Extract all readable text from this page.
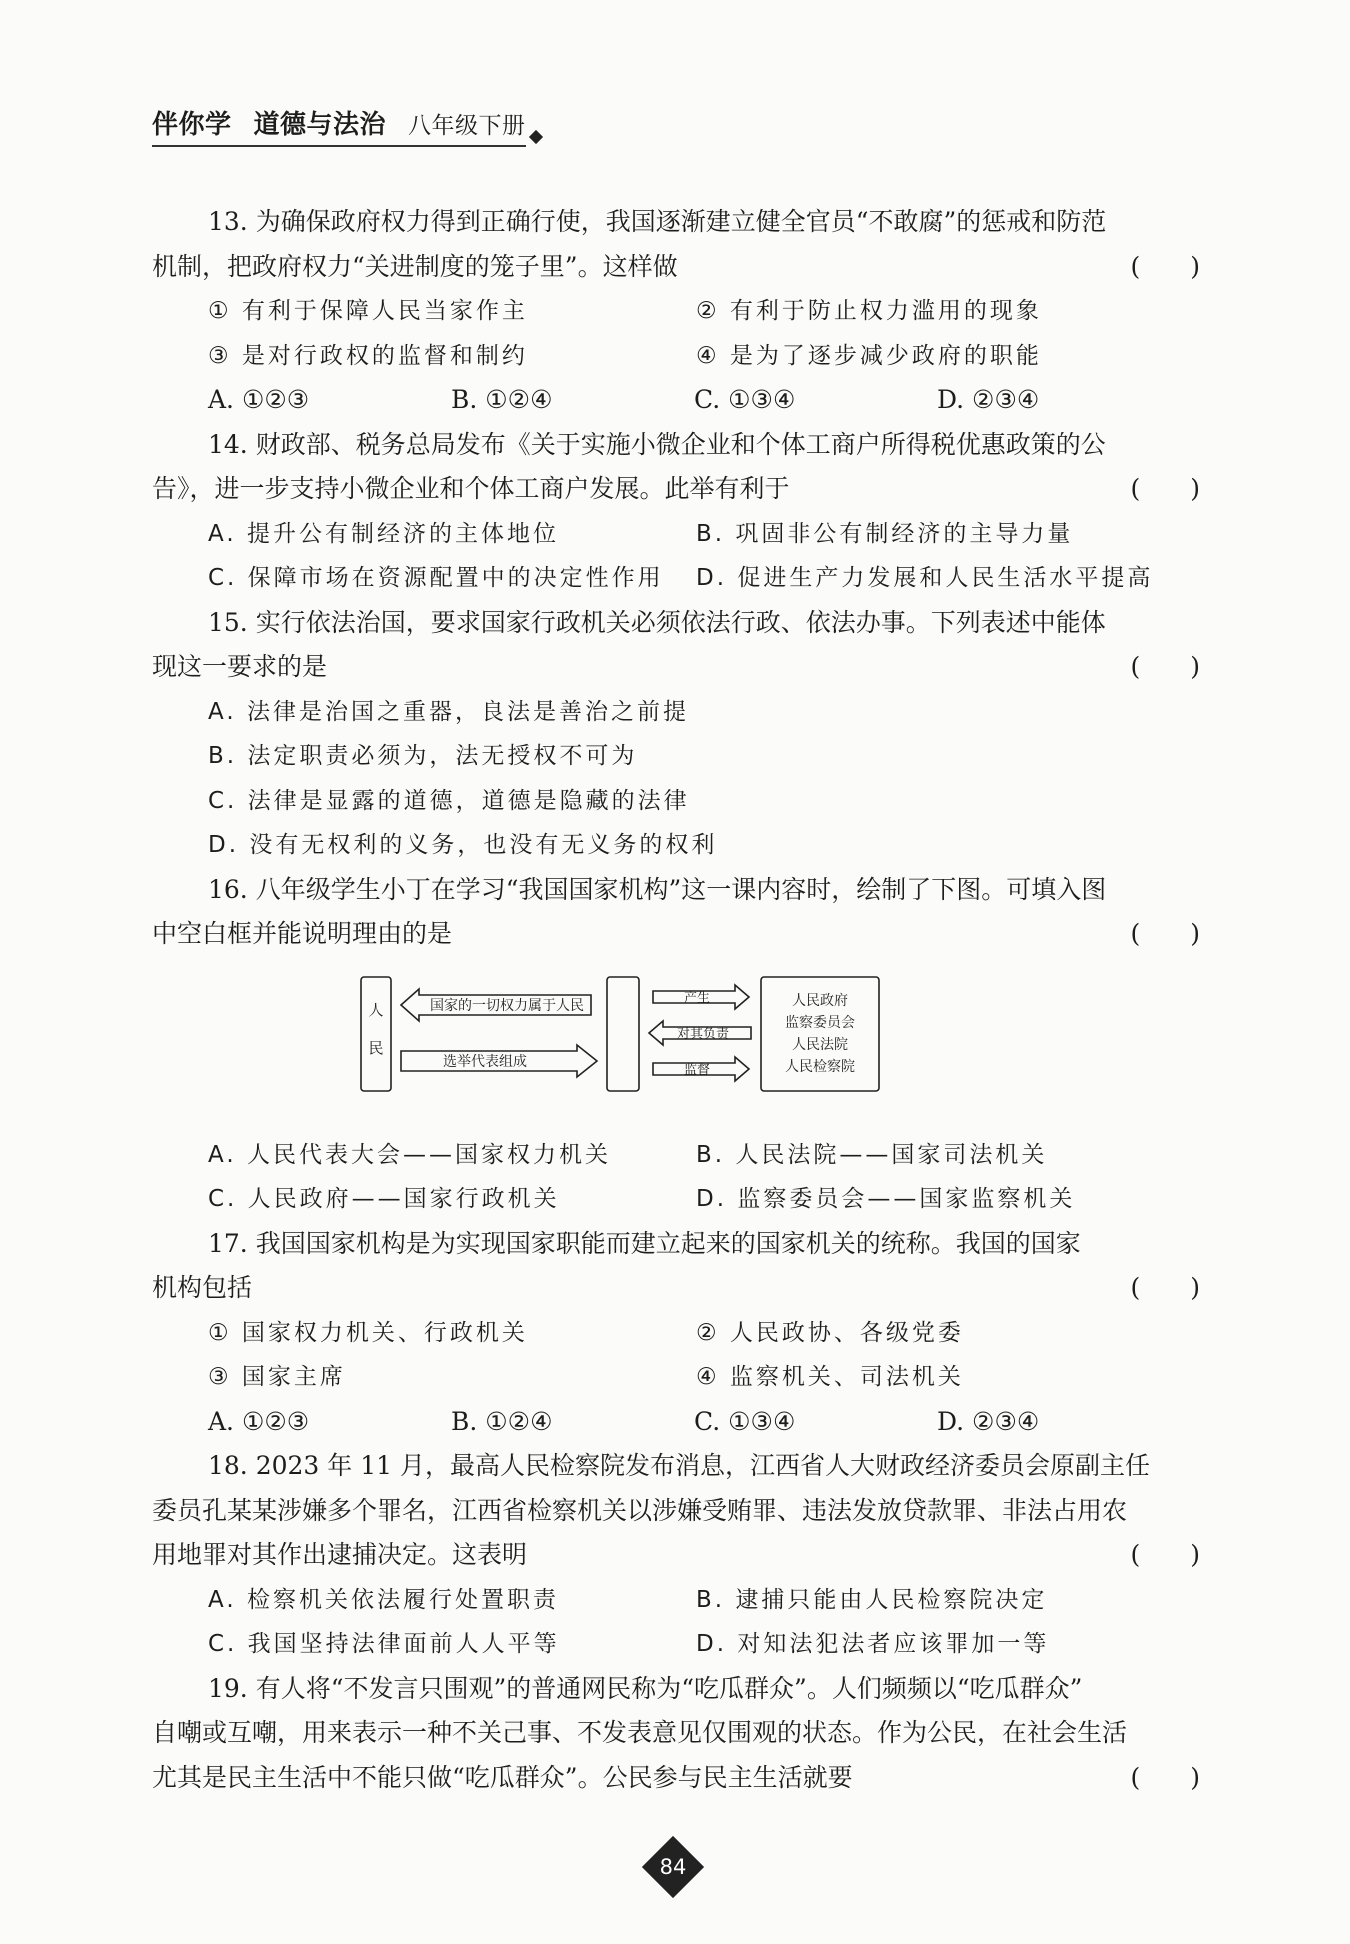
伴你学 道德与法治 八年级下册
13. 为确保政府权力得到正确行使，我国逐渐建立健全官员“不敢腐”的惩戒和防范
机制，把政府权力“关进制度的笼子里”。这样做	(　　)
① 有利于保障人民当家作主	② 有利于防止权力滥用的现象
③ 是对行政权的监督和制约	④ 是为了逐步减少政府的职能
A. ①②③	B. ①②④	C. ①③④	D. ②③④
14. 财政部、税务总局发布《关于实施小微企业和个体工商户所得税优惠政策的公
告》，进一步支持小微企业和个体工商户发展。此举有利于	(　　)
A. 提升公有制经济的主体地位	B. 巩固非公有制经济的主导力量
C. 保障市场在资源配置中的决定性作用	D. 促进生产力发展和人民生活水平提高
15. 实行依法治国，要求国家行政机关必须依法行政、依法办事。下列表述中能体
现这一要求的是	(　　)
A. 法律是治国之重器，良法是善治之前提
B. 法定职责必须为，法无授权不可为
C. 法律是显露的道德，道德是隐藏的法律
D. 没有无权利的义务，也没有无义务的权利
16. 八年级学生小丁在学习“我国国家机构”这一课内容时，绘制了下图。可填入图
中空白框并能说明理由的是	(　　)
人
民
国家的一切权力属于人民
选举代表组成
产生
对其负责
监督
人民政府
监察委员会
人民法院
人民检察院
A. 人民代表大会——国家权力机关	B. 人民法院——国家司法机关
C. 人民政府——国家行政机关	D. 监察委员会——国家监察机关
17. 我国国家机构是为实现国家职能而建立起来的国家机关的统称。我国的国家
机构包括	(　　)
① 国家权力机关、行政机关	② 人民政协、各级党委
③ 国家主席	④ 监察机关、司法机关
A. ①②③	B. ①②④	C. ①③④	D. ②③④
18. 2023 年 11 月，最高人民检察院发布消息，江西省人大财政经济委员会原副主任
委员孔某某涉嫌多个罪名，江西省检察机关以涉嫌受贿罪、违法发放贷款罪、非法占用农
用地罪对其作出逮捕决定。这表明	(　　)
A. 检察机关依法履行处置职责	B. 逮捕只能由人民检察院决定
C. 我国坚持法律面前人人平等	D. 对知法犯法者应该罪加一等
19. 有人将“不发言只围观”的普通网民称为“吃瓜群众”。人们频频以“吃瓜群众”
自嘲或互嘲，用来表示一种不关己事、不发表意见仅围观的状态。作为公民，在社会生活
尤其是民主生活中不能只做“吃瓜群众”。公民参与民主生活就要	(　　)
84
